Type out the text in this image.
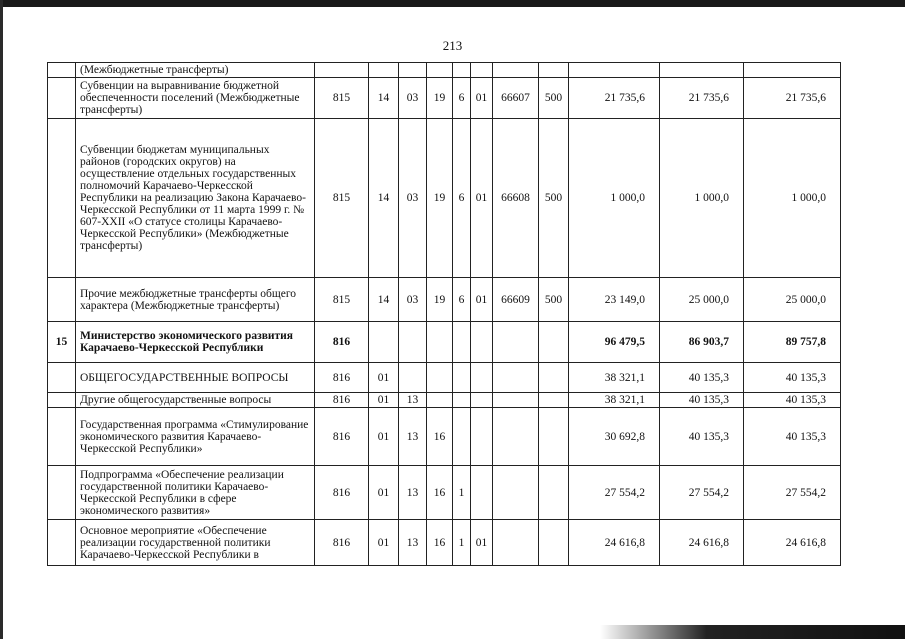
213
	(Межбюджетные трансферты)											
	Субвенции на выравнивание бюджетной обеспеченности поселений (Межбюджетные трансферты)	815	14	03	19	6	01	66607	500	21 735,6	21 735,6	21 735,6
	Субвенции бюджетам муниципальных районов (городских округов) на осуществление отдельных государственных полномочий Карачаево-Черкесской Республики на реализацию Закона Карачаево-Черкесской Республики от 11 марта 1999 г. № 607-XXII «О статусе столицы Карачаево-Черкесской Республики» (Межбюджетные трансферты)	815	14	03	19	6	01	66608	500	1 000,0	1 000,0	1 000,0
	Прочие межбюджетные трансферты общего характера (Межбюджетные трансферты)	815	14	03	19	6	01	66609	500	23 149,0	25 000,0	25 000,0
15	Министерство экономического развития Карачаево-Черкесской Республики	816								96 479,5	86 903,7	89 757,8
	ОБЩЕГОСУДАРСТВЕННЫЕ ВОПРОСЫ	816	01							38 321,1	40 135,3	40 135,3
	Другие общегосударственные вопросы	816	01	13						38 321,1	40 135,3	40 135,3
	Государственная программа «Стимулирование экономического развития Карачаево-Черкесской Республики»	816	01	13	16					30 692,8	40 135,3	40 135,3
	Подпрограмма «Обеспечение реализации государственной политики Карачаево-Черкесской Республики в сфере экономического развития»	816	01	13	16	1				27 554,2	27 554,2	27 554,2
	Основное мероприятие «Обеспечение реализации государственной политики Карачаево-Черкесской Республики в	816	01	13	16	1	01			24 616,8	24 616,8	24 616,8
